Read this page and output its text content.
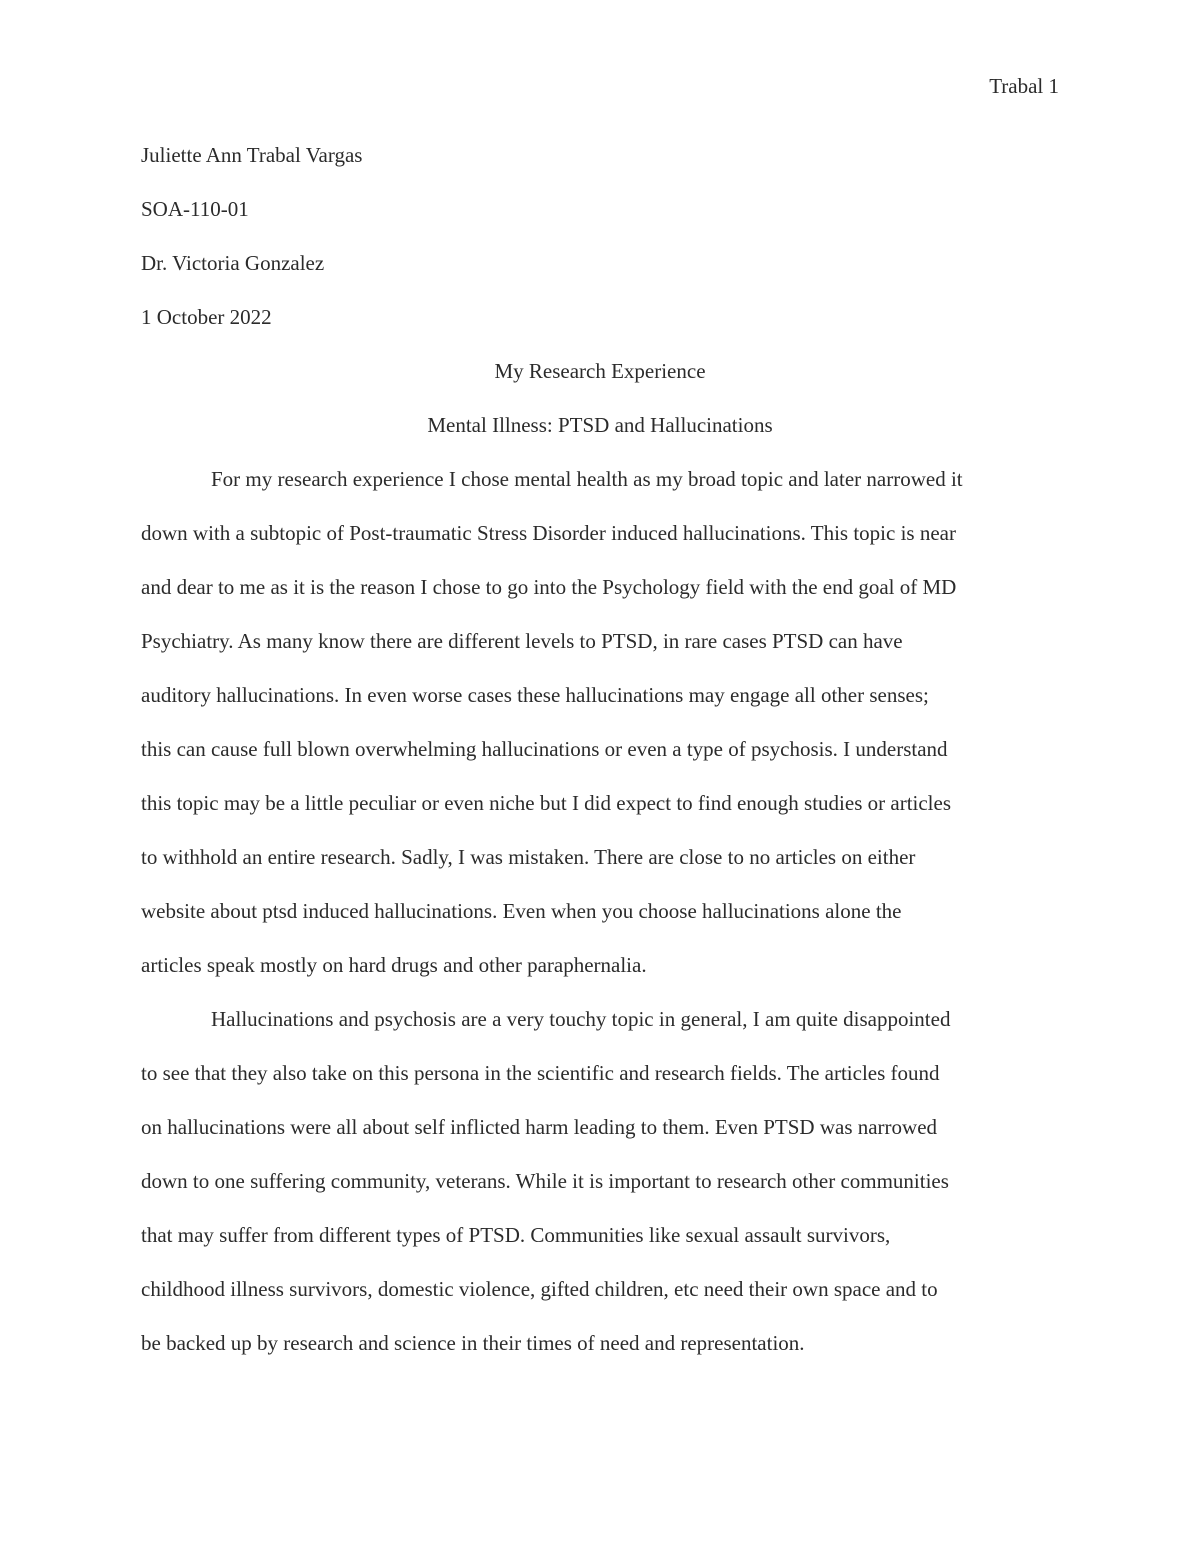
Trabal 1
Juliette Ann Trabal Vargas
SOA-110-01
Dr. Victoria Gonzalez
1 October 2022
My Research Experience
Mental Illness: PTSD and Hallucinations
For my research experience I chose mental health as my broad topic and later narrowed it
down with a subtopic of Post-traumatic Stress Disorder induced hallucinations. This topic is near
and dear to me as it is the reason I chose to go into the Psychology field with the end goal of MD
Psychiatry. As many know there are different levels to PTSD, in rare cases PTSD can have
auditory hallucinations. In even worse cases these hallucinations may engage all other senses;
this can cause full blown overwhelming hallucinations or even a type of psychosis. I understand
this topic may be a little peculiar or even niche but I did expect to find enough studies or articles
to withhold an entire research. Sadly, I was mistaken. There are close to no articles on either
website about ptsd induced hallucinations. Even when you choose hallucinations alone the
articles speak mostly on hard drugs and other paraphernalia.
Hallucinations and psychosis are a very touchy topic in general, I am quite disappointed
to see that they also take on this persona in the scientific and research fields. The articles found
on hallucinations were all about self inflicted harm leading to them. Even PTSD was narrowed
down to one suffering community, veterans. While it is important to research other communities
that may suffer from different types of PTSD. Communities like sexual assault survivors,
childhood illness survivors, domestic violence, gifted children, etc need their own space and to
be backed up by research and science in their times of need and representation.
